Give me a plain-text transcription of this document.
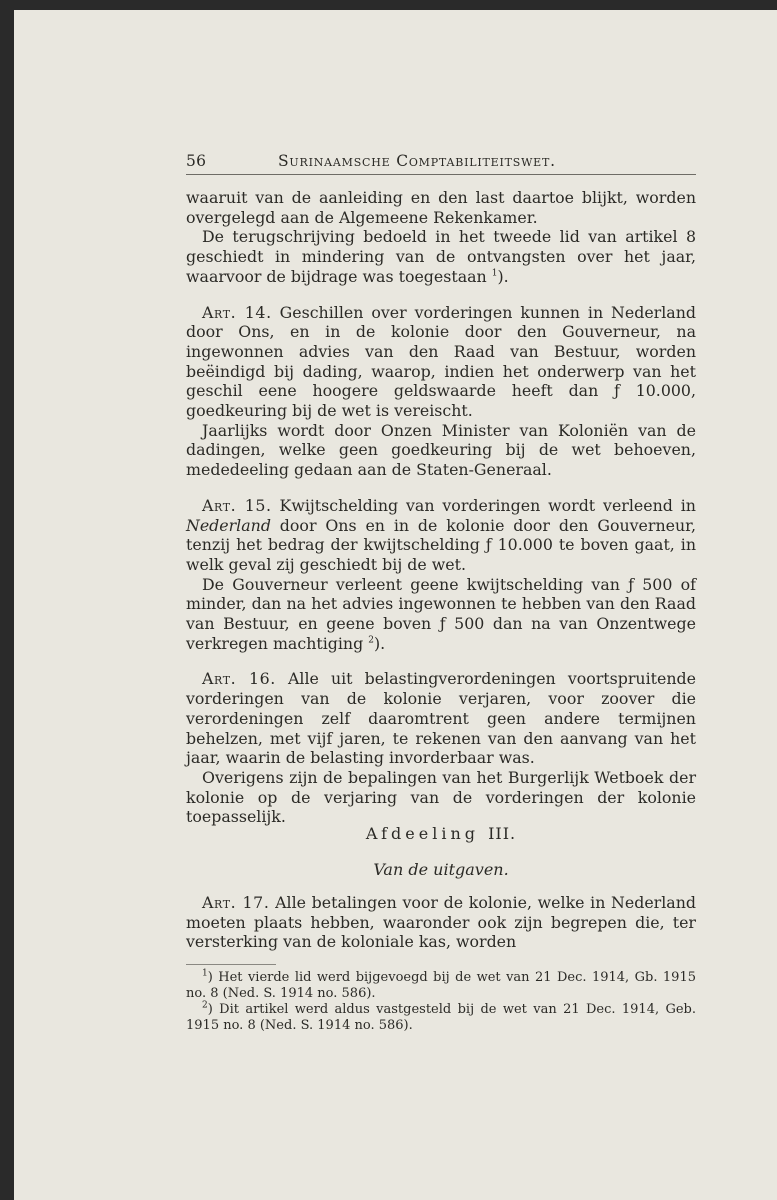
56	Surinaamsche Comptabiliteitswet.

waaruit van de aanleiding en den last daartoe blijkt, worden overgelegd aan de Algemeene Rekenkamer.

De terugschrijving bedoeld in het tweede lid van artikel 8 geschiedt in mindering van de ontvangsten over het jaar, waarvoor de bijdrage was toegestaan $^1$).

Art. 14. Geschillen over vorderingen kunnen in Nederland door Ons, en in de kolonie door den Gouverneur, na ingewonnen advies van den Raad van Bestuur, worden beëindigd bij dading, waarop, indien het onderwerp van het geschil eene hoogere geldswaarde heeft dan ƒ 10.000, goedkeuring bij de wet is vereischt.

Jaarlijks wordt door Onzen Minister van Koloniën van de dadingen, welke geen goedkeuring bij de wet behoeven, mededeeling gedaan aan de Staten-Generaal.

Art. 15. Kwijtschelding van vorderingen wordt verleend in Nederland door Ons en in de kolonie door den Gouverneur, tenzij het bedrag der kwijtschelding ƒ 10.000 te boven gaat, in welk geval zij geschiedt bij de wet.

De Gouverneur verleent geene kwijtschelding van ƒ 500 of minder, dan na het advies ingewonnen te hebben van den Raad van Bestuur, en geene boven ƒ 500 dan na van Onzentwege verkregen machtiging $^2$).

Art. 16. Alle uit belastingverordeningen voortspruitende vorderingen van de kolonie verjaren, voor zoover die verordeningen zelf daaromtrent geen andere termijnen behelzen, met vijf jaren, te rekenen van den aanvang van het jaar, waarin de belasting invorderbaar was.

Overigens zijn de bepalingen van het Burgerlijk Wetboek der kolonie op de verjaring van de vorderingen der kolonie toepasselijk.

Afdeeling III.
Van de uitgaven.

Art. 17. Alle betalingen voor de kolonie, welke in Nederland moeten plaats hebben, waaronder ook zijn begrepen die, ter versterking van de koloniale kas, worden

$^1$) Het vierde lid werd bijgevoegd bij de wet van 21 Dec. 1914, Gb. 1915 no. 8 (Ned. S. 1914 no. 586).

$^2$) Dit artikel werd aldus vastgesteld bij de wet van 21 Dec. 1914, Geb. 1915 no. 8 (Ned. S. 1914 no. 586).
